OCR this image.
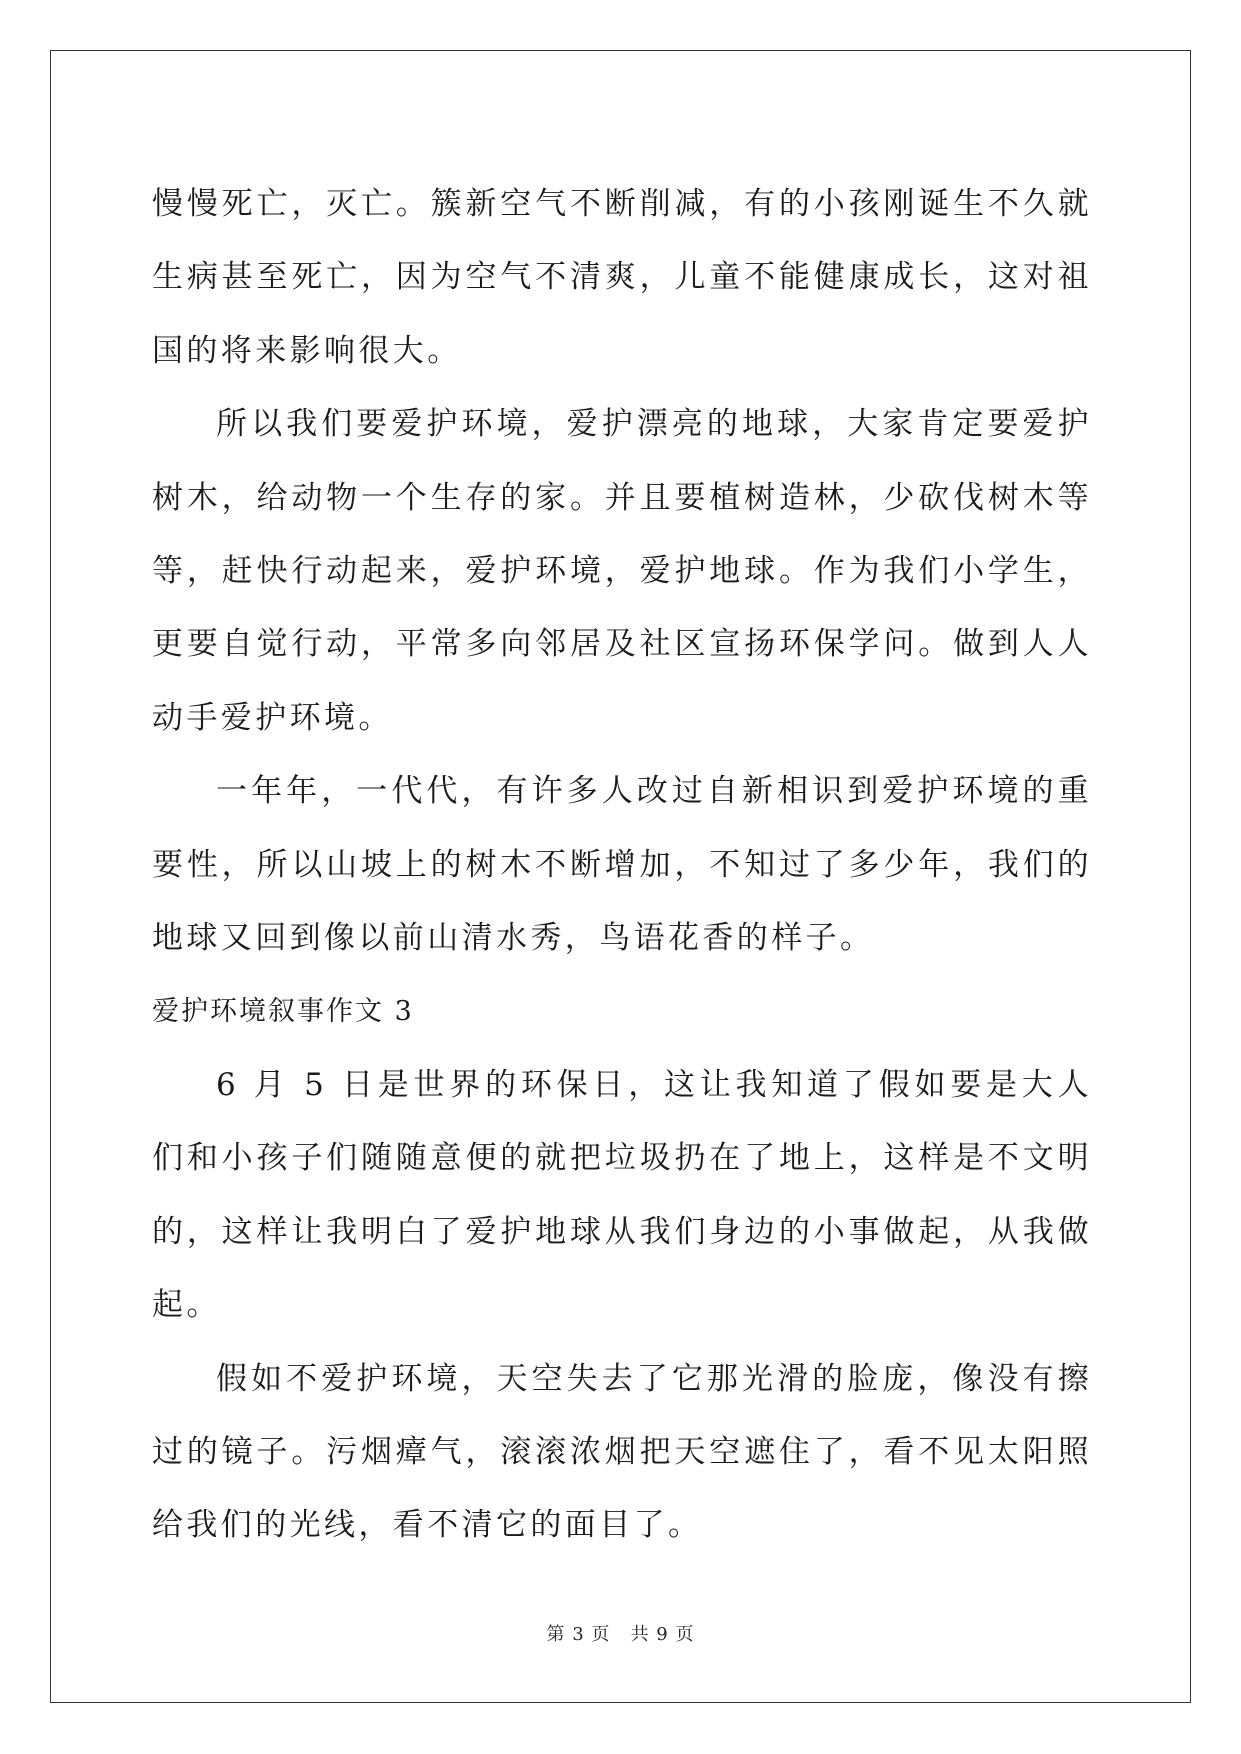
慢慢死亡，灭亡。簇新空气不断削减，有的小孩刚诞生不久就生病甚至死亡，因为空气不清爽，儿童不能健康成长，这对祖国的将来影响很大。

所以我们要爱护环境，爱护漂亮的地球，大家肯定要爱护树木，给动物一个生存的家。并且要植树造林，少砍伐树木等等，赶快行动起来，爱护环境，爱护地球。作为我们小学生，更要自觉行动，平常多向邻居及社区宣扬环保学问。做到人人动手爱护环境。

一年年，一代代，有许多人改过自新相识到爱护环境的重要性，所以山坡上的树木不断增加，不知过了多少年，我们的地球又回到像以前山清水秀，鸟语花香的样子。

爱护环境叙事作文 3

6 月 5 日是世界的环保日，这让我知道了假如要是大人们和小孩子们随随意便的就把垃圾扔在了地上，这样是不文明的，这样让我明白了爱护地球从我们身边的小事做起，从我做起。

假如不爱护环境，天空失去了它那光滑的脸庞，像没有擦过的镜子。污烟瘴气，滚滚浓烟把天空遮住了，看不见太阳照给我们的光线，看不清它的面目了。

第 3 页 共 9 页
